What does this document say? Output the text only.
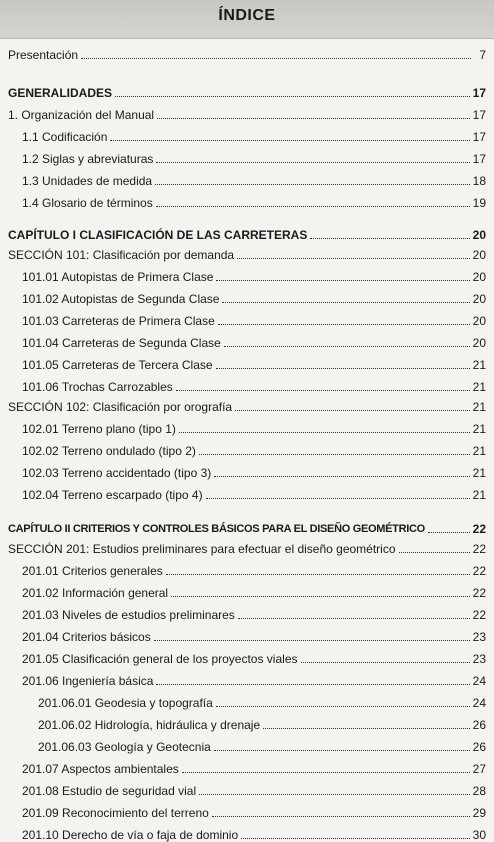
ÍNDICE
Presentación	7
GENERALIDADES	17
1. Organización del Manual	17
1.1 Codificación	17
1.2 Siglas y abreviaturas	17
1.3 Unidades de medida	18
1.4 Glosario de términos	19
CAPÍTULO I CLASIFICACIÓN DE LAS CARRETERAS	20
SECCIÓN 101: Clasificación por demanda	20
101.01 Autopistas de Primera Clase	20
101.02 Autopistas de Segunda Clase	20
101.03 Carreteras de Primera Clase	20
101.04 Carreteras de Segunda Clase	20
101.05 Carreteras de Tercera Clase	21
101.06 Trochas Carrozables	21
SECCIÓN 102: Clasificación por orografía	21
102.01 Terreno plano (tipo 1)	21
102.02 Terreno ondulado (tipo 2)	21
102.03 Terreno accidentado (tipo 3)	21
102.04 Terreno escarpado (tipo 4)	21
CAPÍTULO II CRITERIOS Y CONTROLES BÁSICOS PARA EL DISEÑO GEOMÉTRICO	22
SECCIÓN 201: Estudios preliminares para efectuar el diseño geométrico	22
201.01 Criterios generales	22
201.02 Información general	22
201.03 Niveles de estudios preliminares	22
201.04 Criterios básicos	23
201.05 Clasificación general de los proyectos viales	23
201.06 Ingeniería básica	24
201.06.01 Geodesia y topografía	24
201.06.02 Hidrología, hidráulica y drenaje	26
201.06.03 Geología y Geotecnia	26
201.07 Aspectos ambientales	27
201.08 Estudio de seguridad vial	28
201.09 Reconocimiento del terreno	29
201.10 Derecho de vía o faja de dominio	30
